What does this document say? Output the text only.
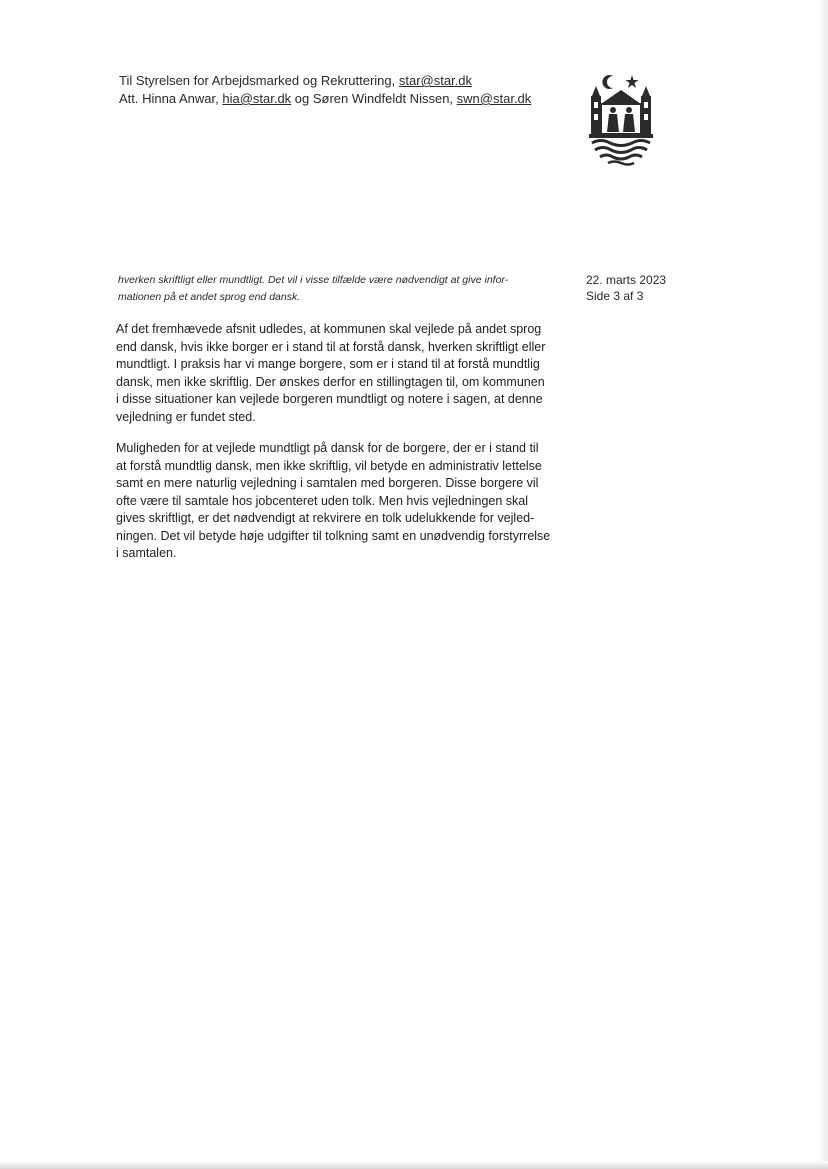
Til Styrelsen for Arbejdsmarked og Rekruttering, star@star.dk
Att. Hinna Anwar, hia@star.dk og Søren Windfeldt Nissen, swn@star.dk
hverken skriftligt eller mundtligt. Det vil i visse tilfælde være nødvendigt at give infor-
mationen på et andet sprog end dansk.
22. marts 2023
Side 3 af 3
Af det fremhævede afsnit udledes, at kommunen skal vejlede på andet sprog
end dansk, hvis ikke borger er i stand til at forstå dansk, hverken skriftligt eller
mundtligt. I praksis har vi mange borgere, som er i stand til at forstå mundtlig
dansk, men ikke skriftlig. Der ønskes derfor en stillingtagen til, om kommunen
i disse situationer kan vejlede borgeren mundtligt og notere i sagen, at denne
vejledning er fundet sted.
Muligheden for at vejlede mundtligt på dansk for de borgere, der er i stand til
at forstå mundtlig dansk, men ikke skriftlig, vil betyde en administrativ lettelse
samt en mere naturlig vejledning i samtalen med borgeren. Disse borgere vil
ofte være til samtale hos jobcenteret uden tolk. Men hvis vejledningen skal
gives skriftligt, er det nødvendigt at rekvirere en tolk udelukkende for vejled-
ningen. Det vil betyde høje udgifter til tolkning samt en unødvendig forstyrrelse
i samtalen.
